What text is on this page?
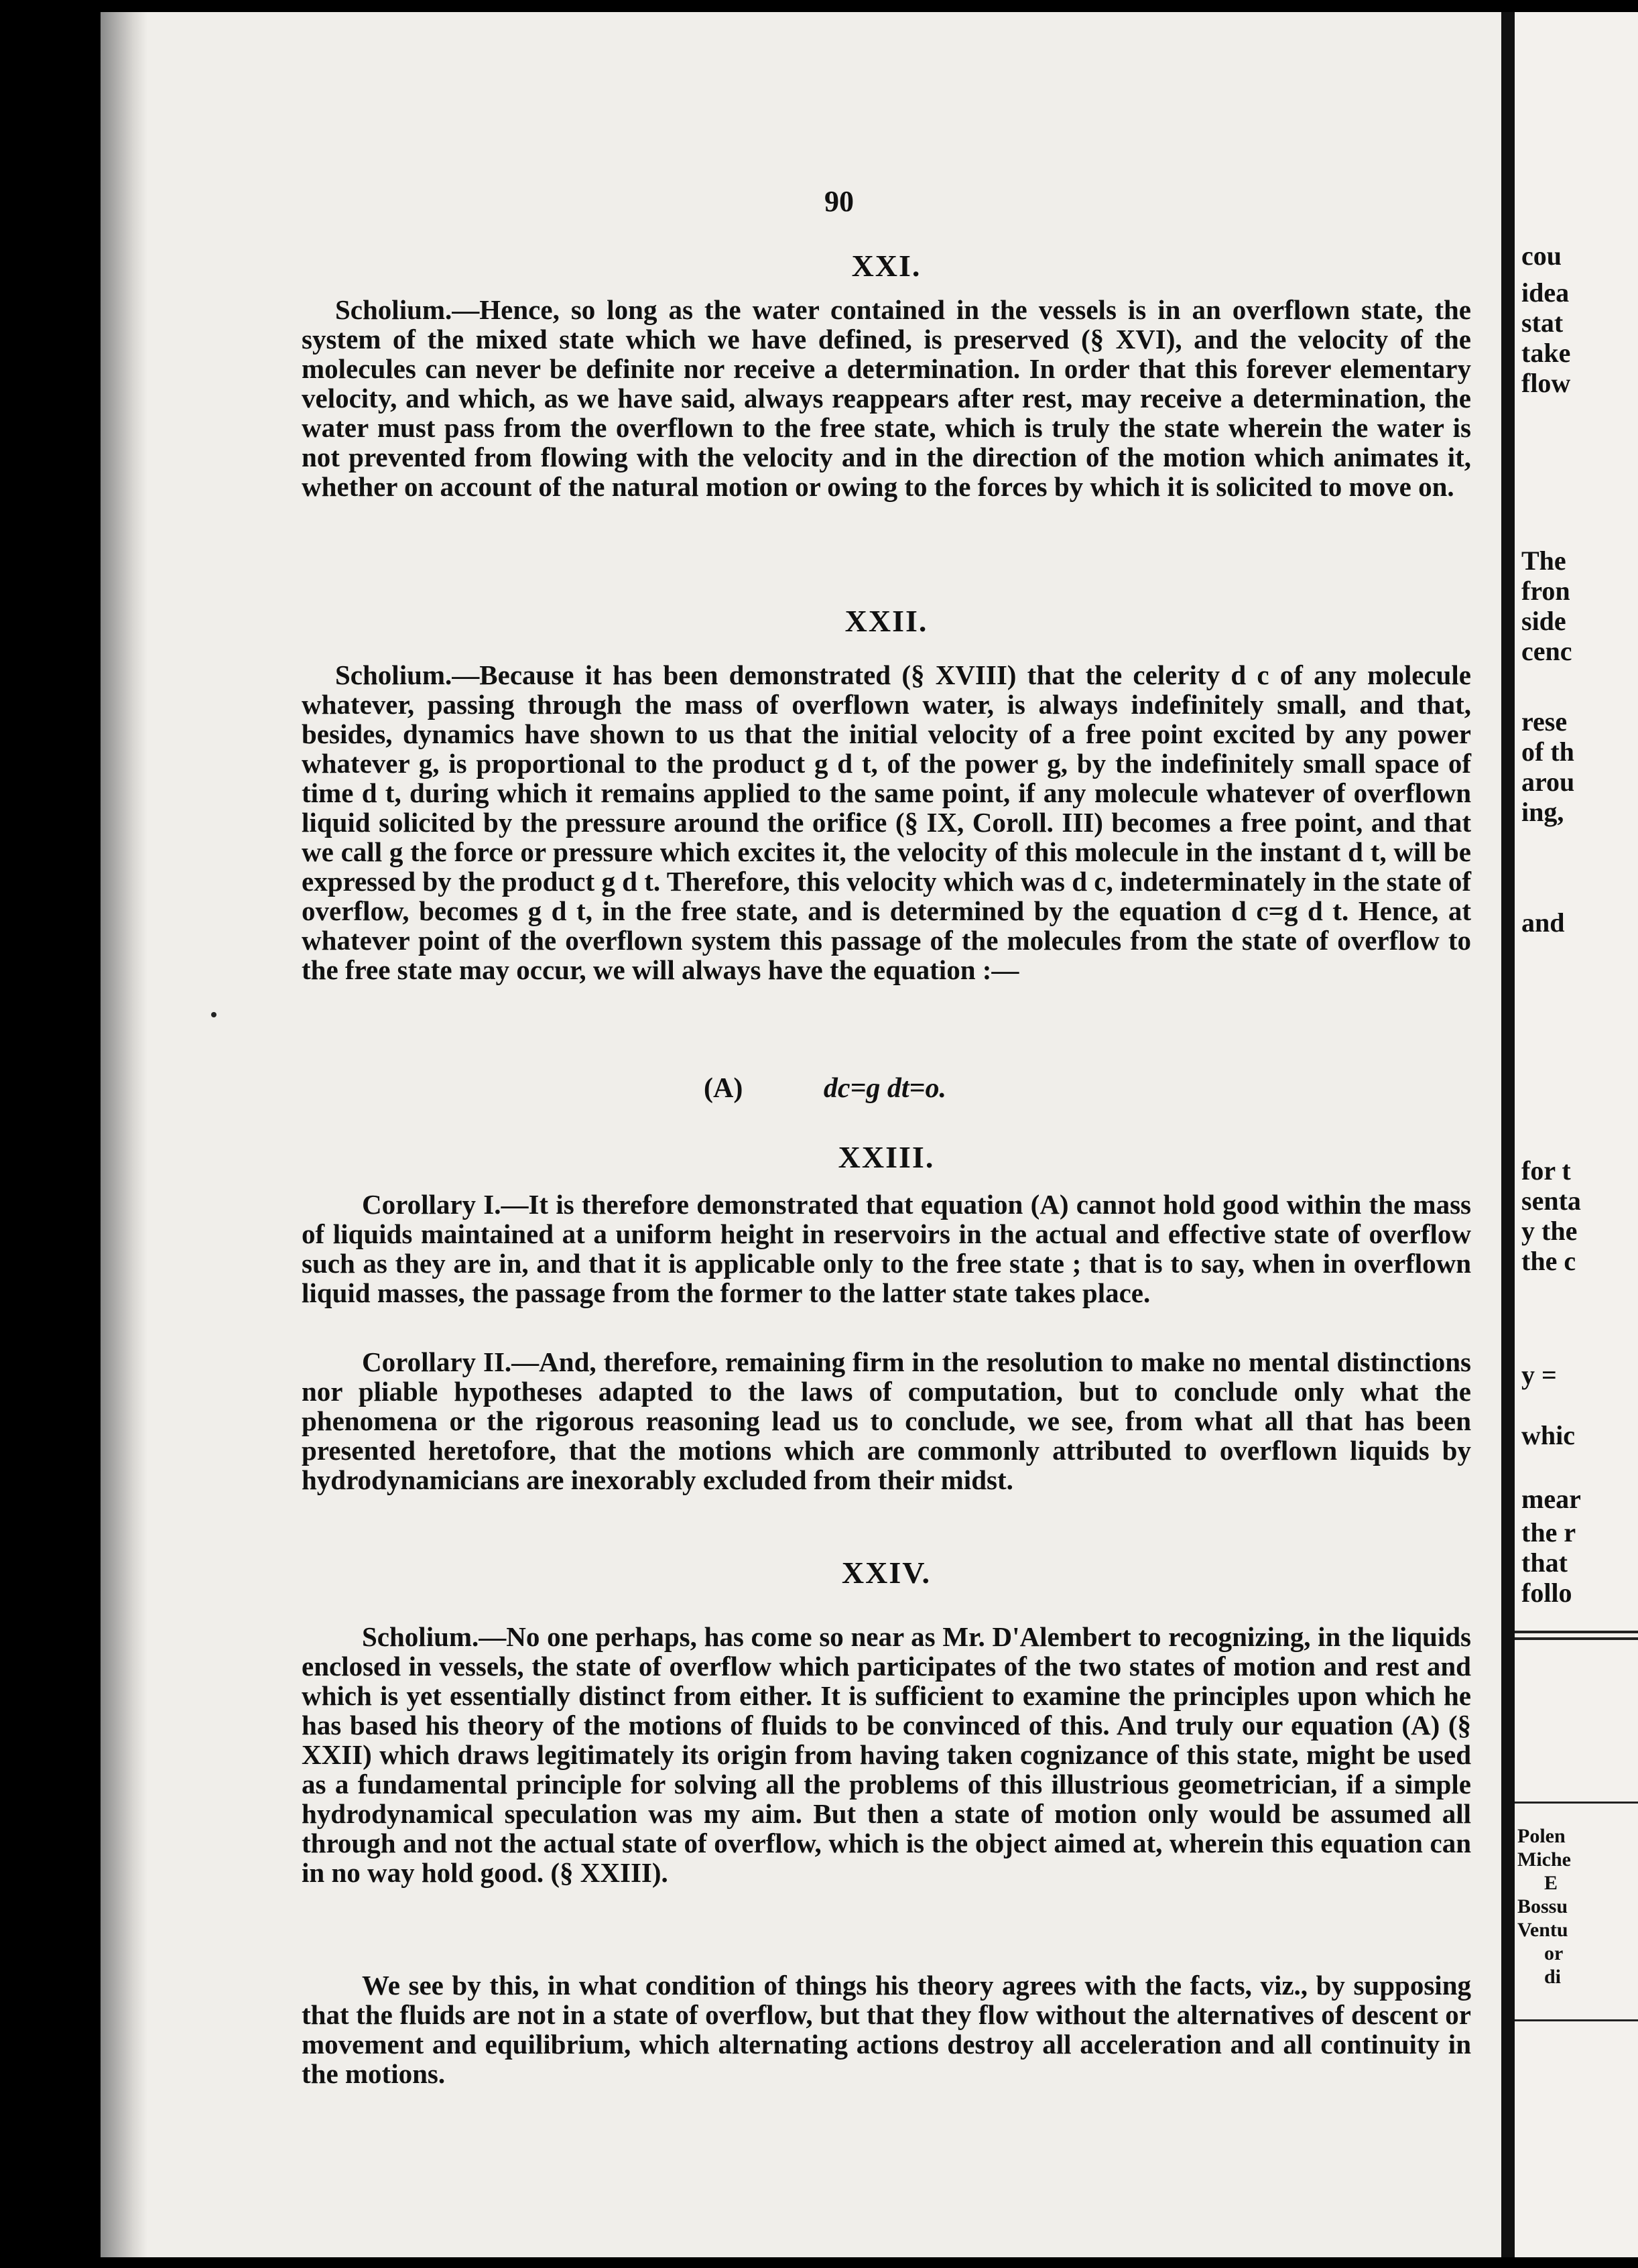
90
XXI.
Scholium.—Hence, so long as the water contained in the vessels is in an overflown state, the system of the mixed state which we have defined, is preserved (§ XVI), and the velocity of the molecules can never be definite nor receive a determination. In order that this forever elementary velocity, and which, as we have said, always reappears after rest, may receive a determination, the water must pass from the overflown to the free state, which is truly the state wherein the water is not prevented from flowing with the velocity and in the direction of the motion which animates it, whether on account of the natural motion or owing to the forces by which it is solicited to move on.
XXII.
Scholium.—Because it has been demonstrated (§ XVIII) that the celerity d c of any molecule whatever, passing through the mass of overflown water, is always indefinitely small, and that, besides, dynamics have shown to us that the initial velocity of a free point excited by any power whatever g, is proportional to the product g d t, of the power g, by the indefinitely small space of time d t, during which it remains applied to the same point, if any molecule whatever of overflown liquid solicited by the pressure around the orifice (§ IX, Coroll. III) becomes a free point, and that we call g the force or pressure which excites it, the velocity of this molecule in the instant d t, will be expressed by the product g d t. Therefore, this velocity which was d c, indeterminately in the state of overflow, becomes g d t, in the free state, and is determined by the equation d c=g d t. Hence, at whatever point of the overflown system this passage of the molecules from the state of overflow to the free state may occur, we will always have the equation :—
(A)	dc=g dt=o.
XXIII.
Corollary I.—It is therefore demonstrated that equation (A) cannot hold good within the mass of liquids maintained at a uniform height in reservoirs in the actual and effective state of overflow such as they are in, and that it is applicable only to the free state ; that is to say, when in overflown liquid masses, the passage from the former to the latter state takes place.
Corollary II.—And, therefore, remaining firm in the resolution to make no mental distinctions nor pliable hypotheses adapted to the laws of computation, but to conclude only what the phenomena or the rigorous reasoning lead us to conclude, we see, from what all that has been presented heretofore, that the motions which are commonly attributed to overflown liquids by hydrodynamicians are inexorably excluded from their midst.
XXIV.
Scholium.—No one perhaps, has come so near as Mr. D'Alembert to recognizing, in the liquids enclosed in vessels, the state of overflow which participates of the two states of motion and rest and which is yet essentially distinct from either. It is sufficient to examine the principles upon which he has based his theory of the motions of fluids to be convinced of this. And truly our equation (A) (§ XXII) which draws legitimately its origin from having taken cognizance of this state, might be used as a fundamental principle for solving all the problems of this illustrious geometrician, if a simple hydrodynamical speculation was my aim. But then a state of motion only would be assumed all through and not the actual state of overflow, which is the object aimed at, wherein this equation can in no way hold good. (§ XXIII).
We see by this, in what condition of things his theory agrees with the facts, viz., by supposing that the fluids are not in a state of overflow, but that they flow without the alternatives of descent or movement and equilibrium, which alternating actions destroy all acceleration and all continuity in the motions.
cou
idea
stat
take
flow
The
fron
side
cenc
rese
of th
arou
ing,
and
for t
senta
y the
the c
y =
whic
mear
the r
that
follo
Polen
Miche
E
Bossu
Ventu
or
di
